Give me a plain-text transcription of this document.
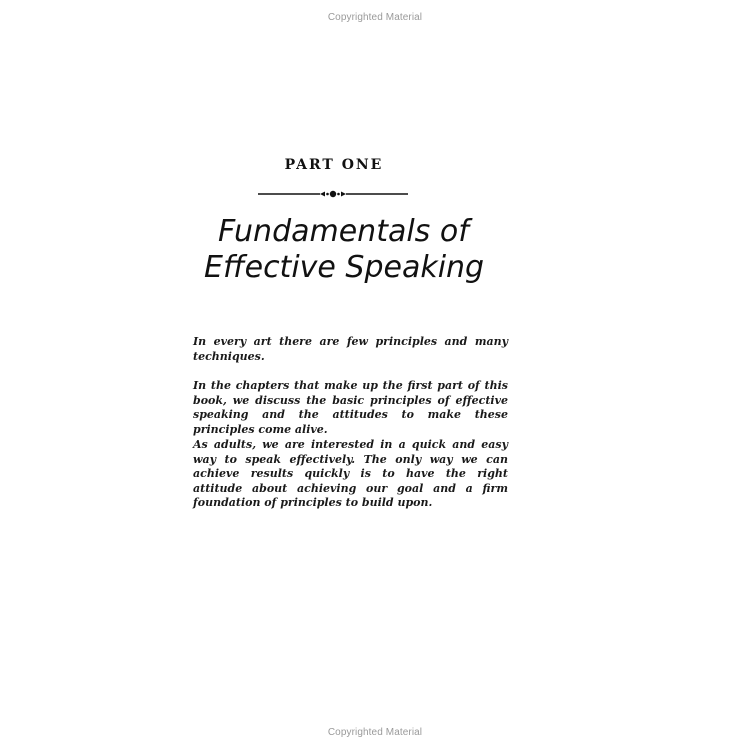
Copyrighted Material
PART ONE
Fundamentals of
Effective Speaking
In every art there are few principles and many techniques.
In the chapters that make up the first part of this book, we discuss the basic principles of effective speaking and the attitudes to make these principles come alive.
As adults, we are interested in a quick and easy way to speak effectively. The only way we can achieve results quickly is to have the right attitude about achieving our goal and a firm foundation of principles to build upon.
Copyrighted Material
